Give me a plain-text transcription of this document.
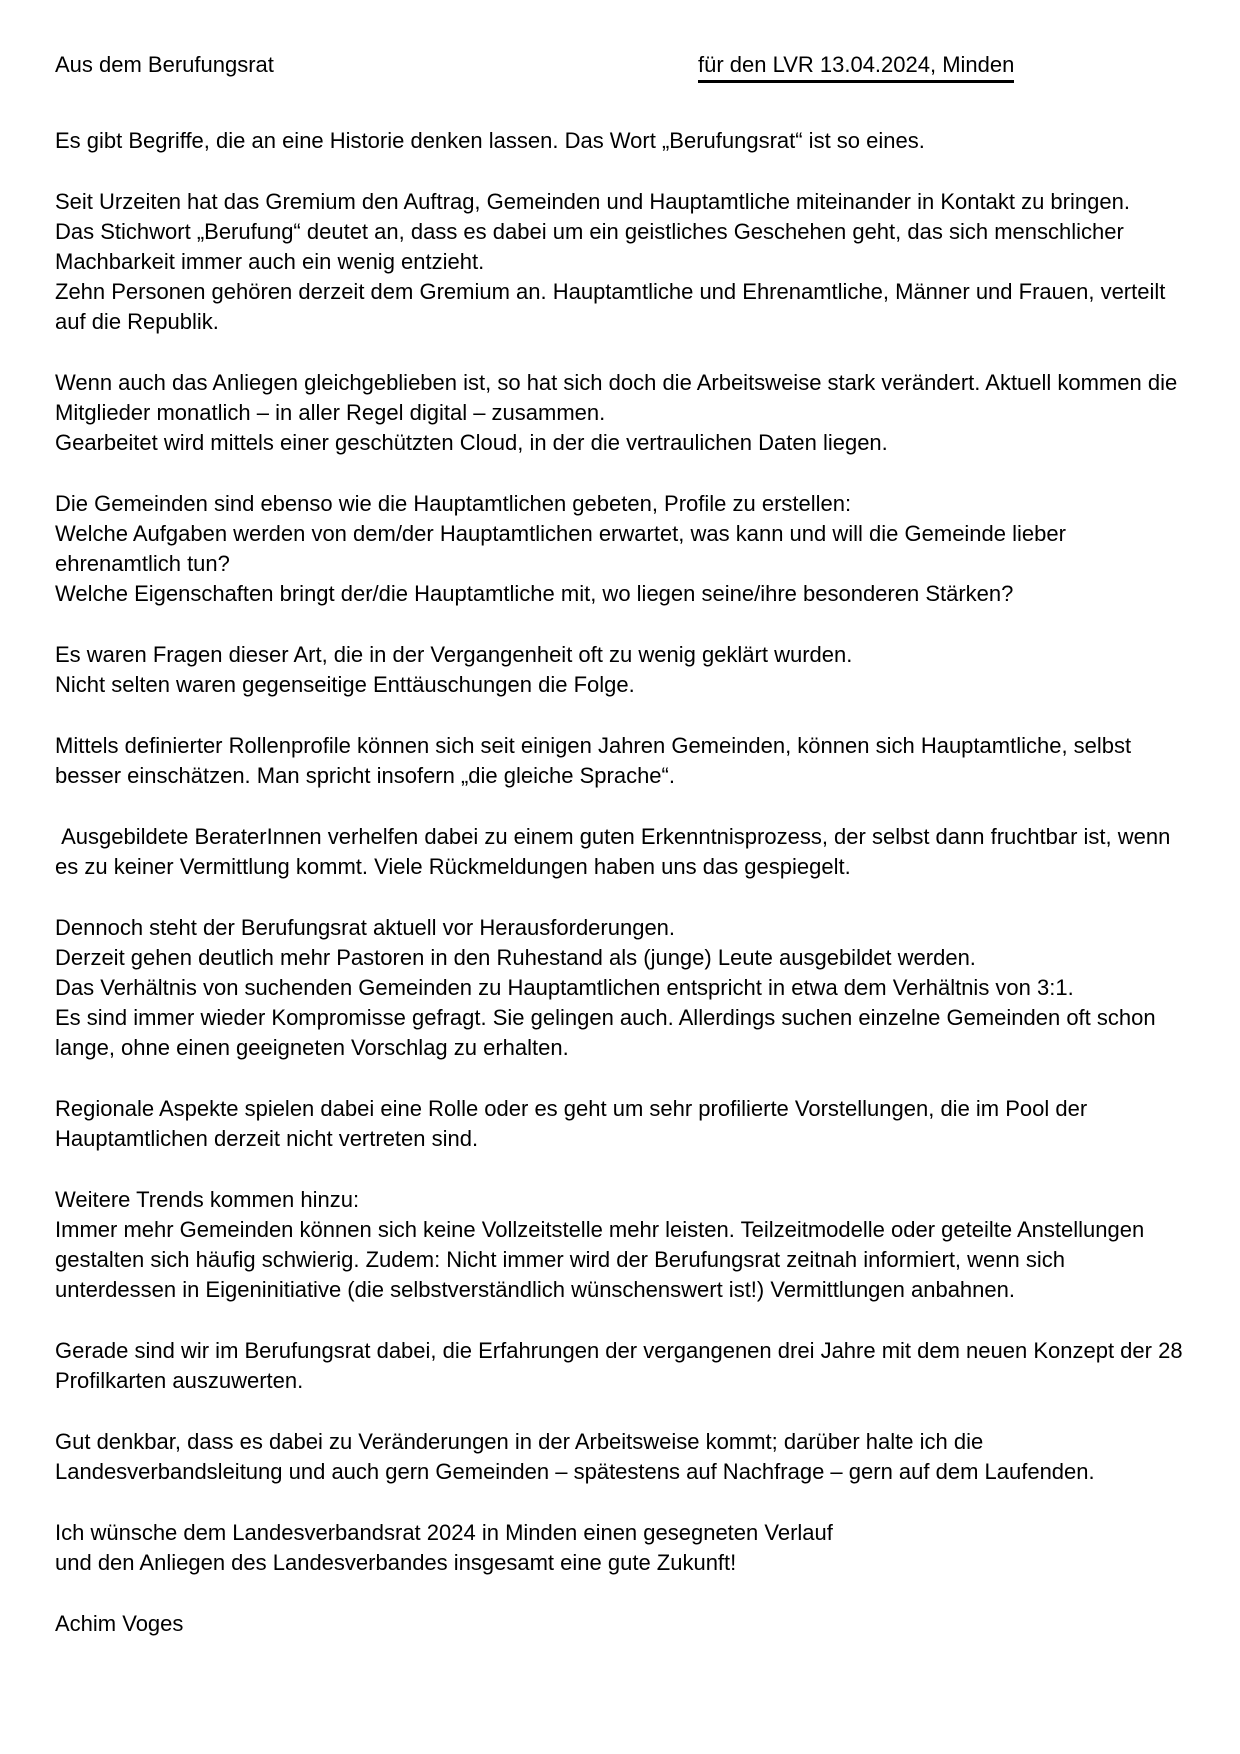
Aus dem Berufungsrat	für den LVR 13.04.2024, Minden
Es gibt Begriffe, die an eine Historie denken lassen. Das Wort „Berufungsrat“ ist so eines.
Seit Urzeiten hat das Gremium den Auftrag, Gemeinden und Hauptamtliche miteinander in Kontakt zu bringen.
Das Stichwort „Berufung“ deutet an, dass es dabei um ein geistliches Geschehen geht, das sich menschlicher Machbarkeit immer auch ein wenig entzieht.
Zehn Personen gehören derzeit dem Gremium an. Hauptamtliche und Ehrenamtliche, Männer und Frauen, verteilt auf die Republik.
Wenn auch das Anliegen gleichgeblieben ist, so hat sich doch die Arbeitsweise stark verändert. Aktuell kommen die Mitglieder monatlich – in aller Regel digital – zusammen.
Gearbeitet wird mittels einer geschützten Cloud, in der die vertraulichen Daten liegen.
Die Gemeinden sind ebenso wie die Hauptamtlichen gebeten, Profile zu erstellen:
Welche Aufgaben werden von dem/der Hauptamtlichen erwartet, was kann und will die Gemeinde lieber ehrenamtlich tun?
Welche Eigenschaften bringt der/die Hauptamtliche mit, wo liegen seine/ihre besonderen Stärken?
Es waren Fragen dieser Art, die in der Vergangenheit oft zu wenig geklärt wurden.
Nicht selten waren gegenseitige Enttäuschungen die Folge.
Mittels definierter Rollenprofile können sich seit einigen Jahren Gemeinden, können sich Hauptamtliche, selbst besser einschätzen. Man spricht insofern „die gleiche Sprache“.
Ausgebildete BeraterInnen verhelfen dabei zu einem guten Erkenntnisprozess, der selbst dann fruchtbar ist, wenn es zu keiner Vermittlung kommt. Viele Rückmeldungen haben uns das gespiegelt.
Dennoch steht der Berufungsrat aktuell vor Herausforderungen.
Derzeit gehen deutlich mehr Pastoren in den Ruhestand als (junge) Leute ausgebildet werden.
Das Verhältnis von suchenden Gemeinden zu Hauptamtlichen entspricht in etwa dem Verhältnis von 3:1.
Es sind immer wieder Kompromisse gefragt. Sie gelingen auch. Allerdings suchen einzelne Gemeinden oft schon lange, ohne einen geeigneten Vorschlag zu erhalten.
Regionale Aspekte spielen dabei eine Rolle oder es geht um sehr profilierte Vorstellungen, die im Pool der Hauptamtlichen derzeit nicht vertreten sind.
Weitere Trends kommen hinzu:
Immer mehr Gemeinden können sich keine Vollzeitstelle mehr leisten. Teilzeitmodelle oder geteilte Anstellungen gestalten sich häufig schwierig. Zudem: Nicht immer wird der Berufungsrat zeitnah informiert, wenn sich unterdessen in Eigeninitiative (die selbstverständlich wünschenswert ist!) Vermittlungen anbahnen.
Gerade sind wir im Berufungsrat dabei, die Erfahrungen der vergangenen drei Jahre mit dem neuen Konzept der 28 Profilkarten auszuwerten.
Gut denkbar, dass es dabei zu Veränderungen in der Arbeitsweise kommt; darüber halte ich die Landesverbandsleitung und auch gern Gemeinden – spätestens auf Nachfrage – gern auf dem Laufenden.
Ich wünsche dem Landesverbandsrat 2024 in Minden einen gesegneten Verlauf
und den Anliegen des Landesverbandes insgesamt eine gute Zukunft!
Achim Voges
